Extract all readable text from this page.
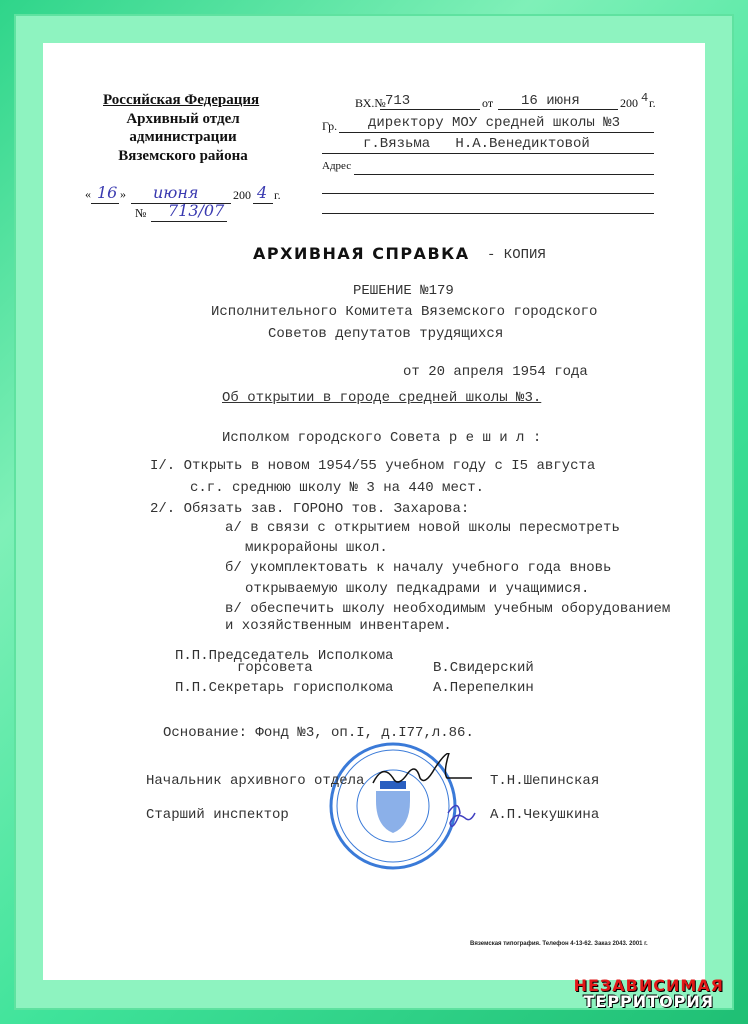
Российская Федерация
Архивный отдел
администрации
Вяземского района
« 16 » июня	200 4 г.
№ 713/07
ВХ.№ 713	от 16 июня	200 4 г.
Гр. директору МОУ средней школы №3
г.Вязьма   Н.А.Венедиктовой
Адрес
АРХИВНАЯ СПРАВКА - КОПИЯ
РЕШЕНИЕ №179
Исполнительного Комитета Вяземского городского
Советов депутатов трудящихся
от 20 апреля 1954 года
Об открытии в городе средней школы №3.
Исполком городского Совета р е ш и л :
I/. Открыть в новом 1954/55 учебном году с I5 августа
с.г. среднюю школу № 3 на 440 мест.
2/. Обязать зав. ГОРОНО тов. Захарова:
а/ в связи с открытием новой школы пересмотреть
микрорайоны школ.
б/ укомплектовать к началу учебного года вновь
открываемую школу педкадрами и учащимися.
в/ обеспечить школу необходимым учебным оборудованием
и хозяйственным инвентарем.
П.П.Председатель Исполкома
горсовета	В.Свидерский
П.П.Секретарь горисполкома	А.Перепелкин
Основание: Фонд №3, оп.I, д.I77,л.86.
Начальник архивного отдела	Т.Н.Шепинская
Старший инспектор	А.П.Чекушкина
Вяземская типография. Телефон 4-13-62. Заказ 2043. 2001 г.
НЕЗАВИСИМАЯ
ТЕРРИТОРИЯ
